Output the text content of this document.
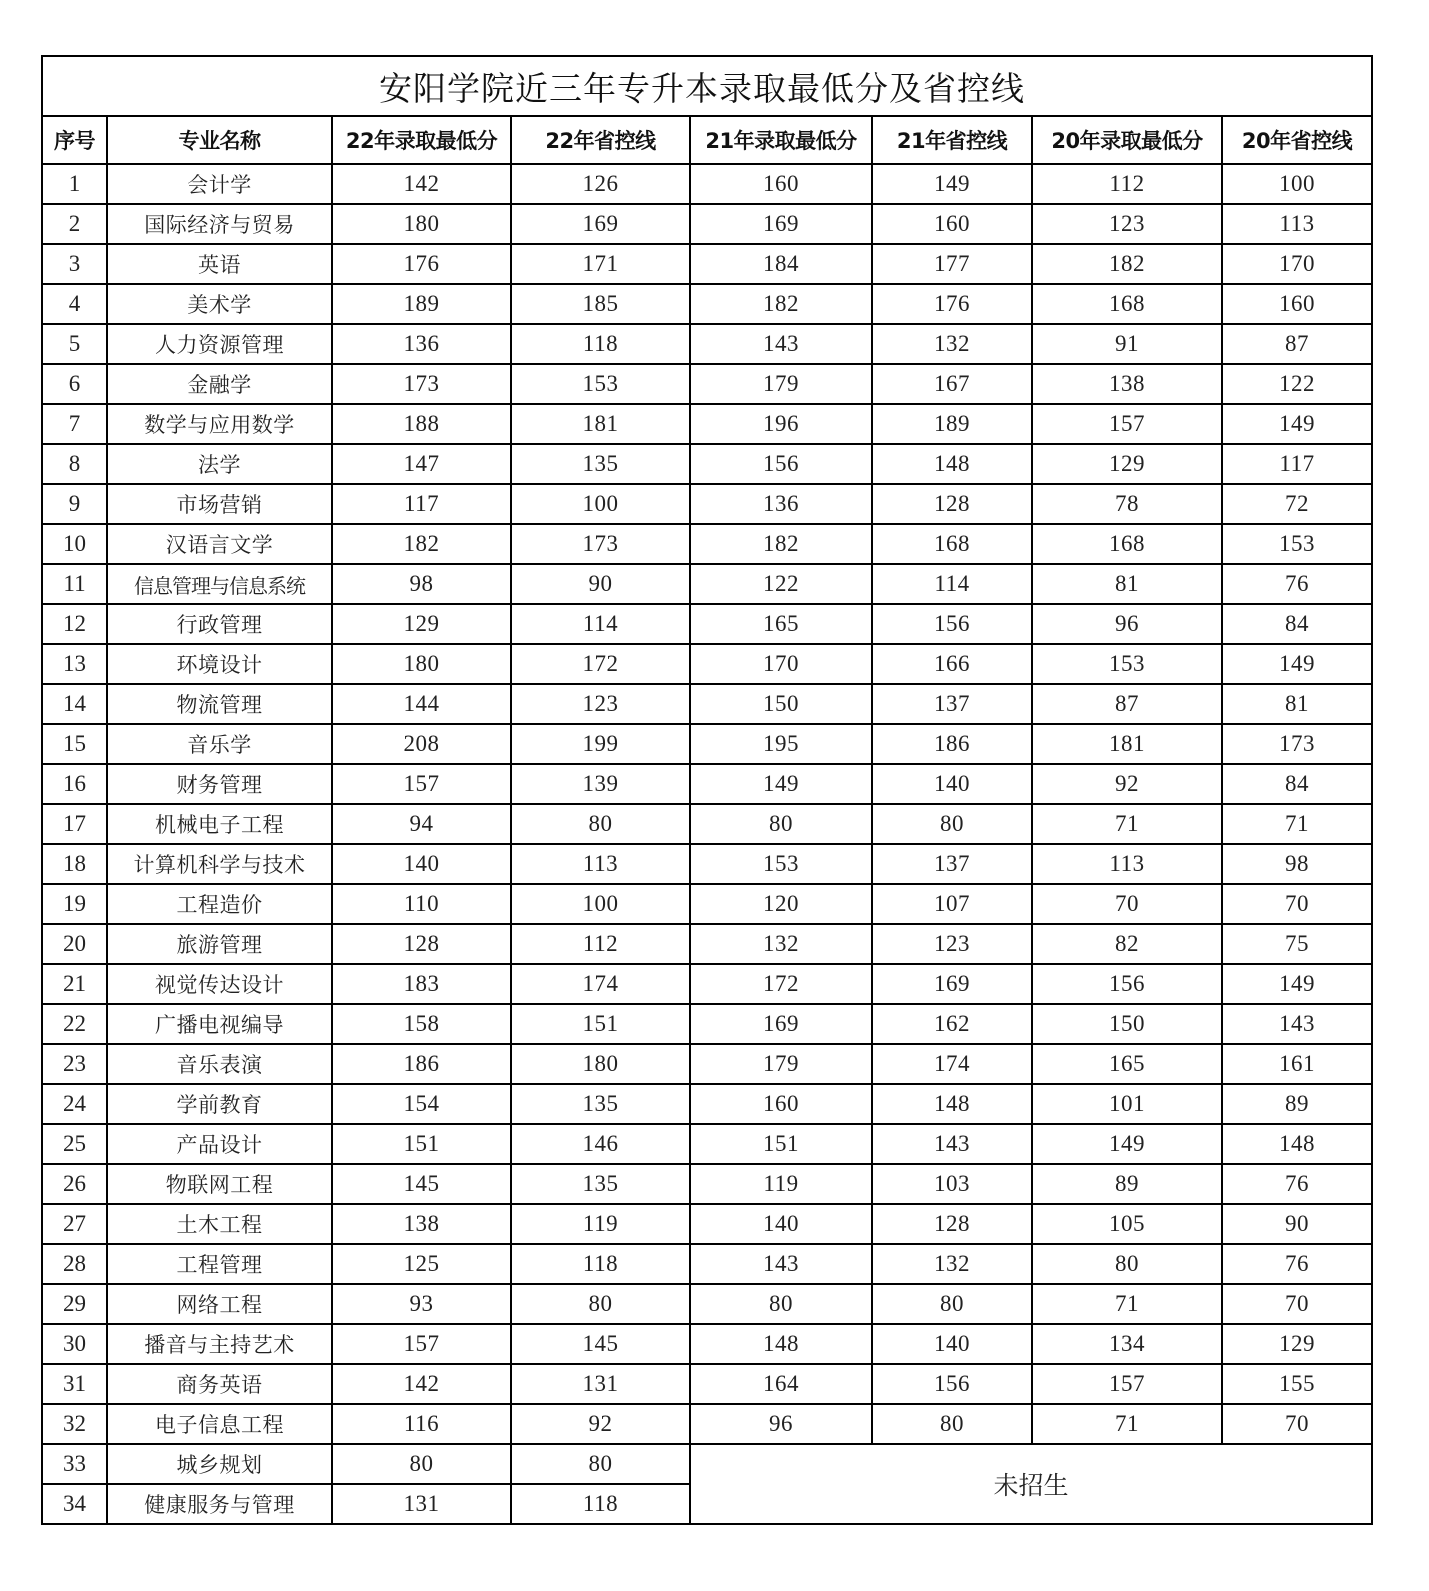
安阳学院近三年专升本录取最低分及省控线							
序号	专业名称	22年录取最低分	22年省控线	21年录取最低分	21年省控线	20年录取最低分	20年省控线
1	会计学	142	126	160	149	112	100
2	国际经济与贸易	180	169	169	160	123	113
3	英语	176	171	184	177	182	170
4	美术学	189	185	182	176	168	160
5	人力资源管理	136	118	143	132	91	87
6	金融学	173	153	179	167	138	122
7	数学与应用数学	188	181	196	189	157	149
8	法学	147	135	156	148	129	117
9	市场营销	117	100	136	128	78	72
10	汉语言文学	182	173	182	168	168	153
11	信息管理与信息系统	98	90	122	114	81	76
12	行政管理	129	114	165	156	96	84
13	环境设计	180	172	170	166	153	149
14	物流管理	144	123	150	137	87	81
15	音乐学	208	199	195	186	181	173
16	财务管理	157	139	149	140	92	84
17	机械电子工程	94	80	80	80	71	71
18	计算机科学与技术	140	113	153	137	113	98
19	工程造价	110	100	120	107	70	70
20	旅游管理	128	112	132	123	82	75
21	视觉传达设计	183	174	172	169	156	149
22	广播电视编导	158	151	169	162	150	143
23	音乐表演	186	180	179	174	165	161
24	学前教育	154	135	160	148	101	89
25	产品设计	151	146	151	143	149	148
26	物联网工程	145	135	119	103	89	76
27	土木工程	138	119	140	128	105	90
28	工程管理	125	118	143	132	80	76
29	网络工程	93	80	80	80	71	70
30	播音与主持艺术	157	145	148	140	134	129
31	商务英语	142	131	164	156	157	155
32	电子信息工程	116	92	96	80	71	70
33	城乡规划	80	80	未招生			
34	健康服务与管理	131	118				
